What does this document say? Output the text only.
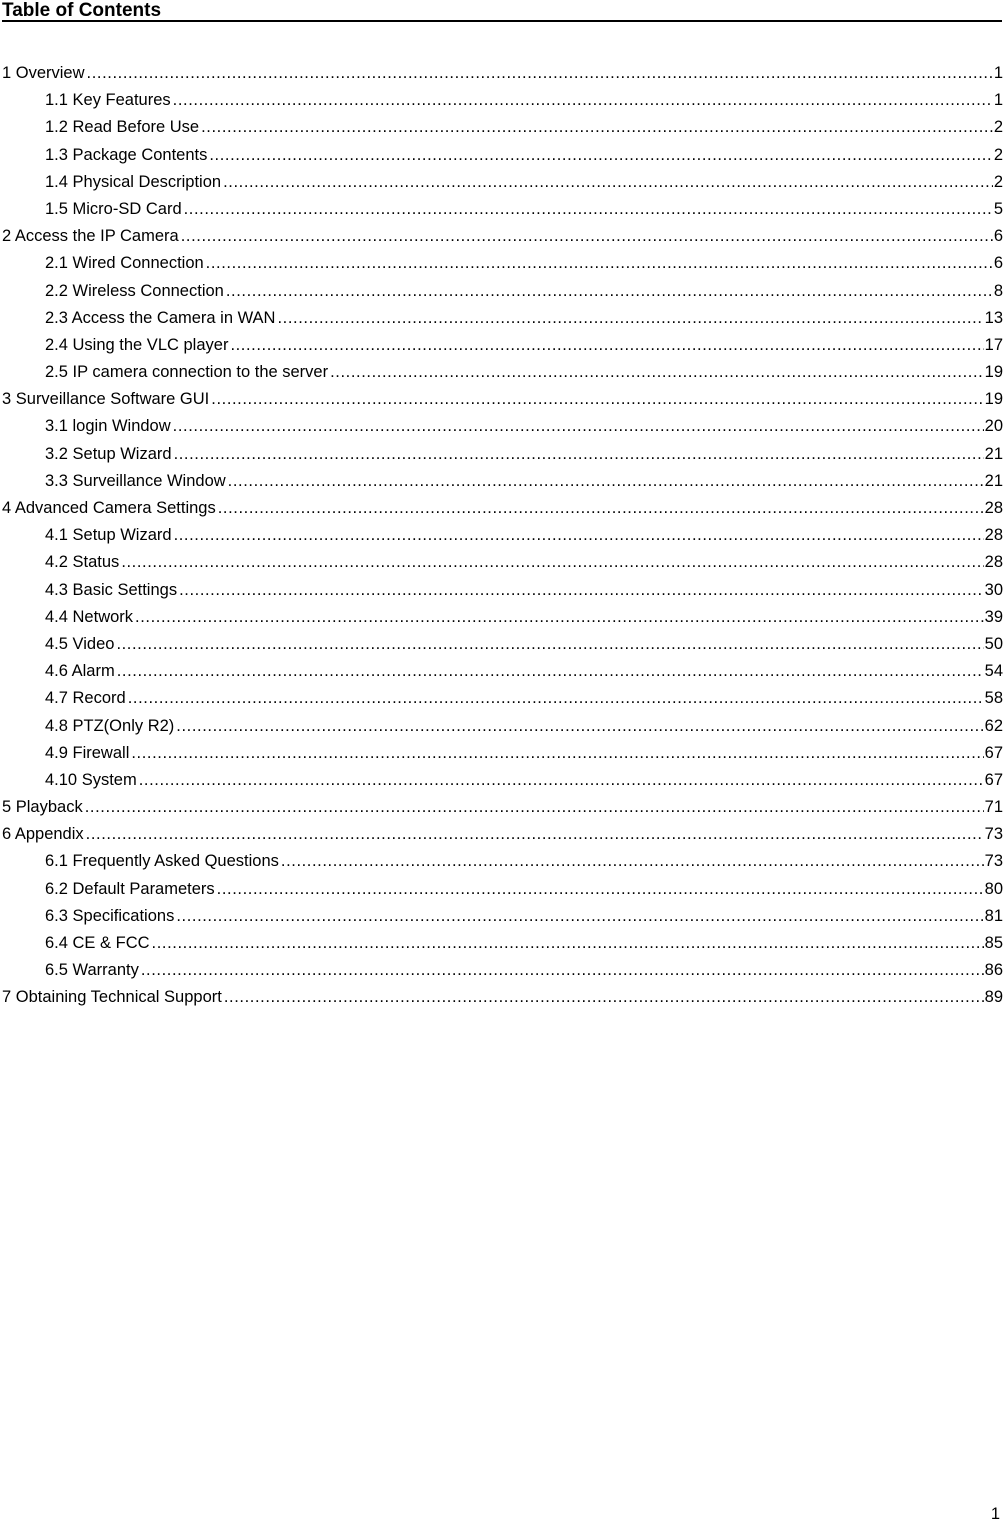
Table of Contents
1 Overview .....	1
1.1 Key Features .....	1
1.2 Read Before Use .....	2
1.3 Package Contents .....	2
1.4 Physical Description .....	2
1.5 Micro-SD Card .....	5
2 Access the IP Camera .....	6
2.1 Wired Connection .....	6
2.2 Wireless Connection .....	8
2.3 Access the Camera in WAN .....	13
2.4 Using the VLC player .....	17
2.5 IP camera connection to the server .....	19
3 Surveillance Software GUI .....	19
3.1 login Window .....	20
3.2 Setup Wizard .....	21
3.3 Surveillance Window .....	21
4 Advanced Camera Settings .....	28
4.1 Setup Wizard .....	28
4.2 Status .....	28
4.3 Basic Settings .....	30
4.4 Network .....	39
4.5 Video .....	50
4.6 Alarm .....	54
4.7 Record .....	58
4.8 PTZ(Only R2) .....	62
4.9 Firewall .....	67
4.10 System .....	67
5 Playback .....	71
6 Appendix .....	73
6.1 Frequently Asked Questions .....	73
6.2 Default Parameters .....	80
6.3 Specifications .....	81
6.4 CE & FCC .....	85
6.5 Warranty .....	86
7 Obtaining Technical Support .....	89
1
